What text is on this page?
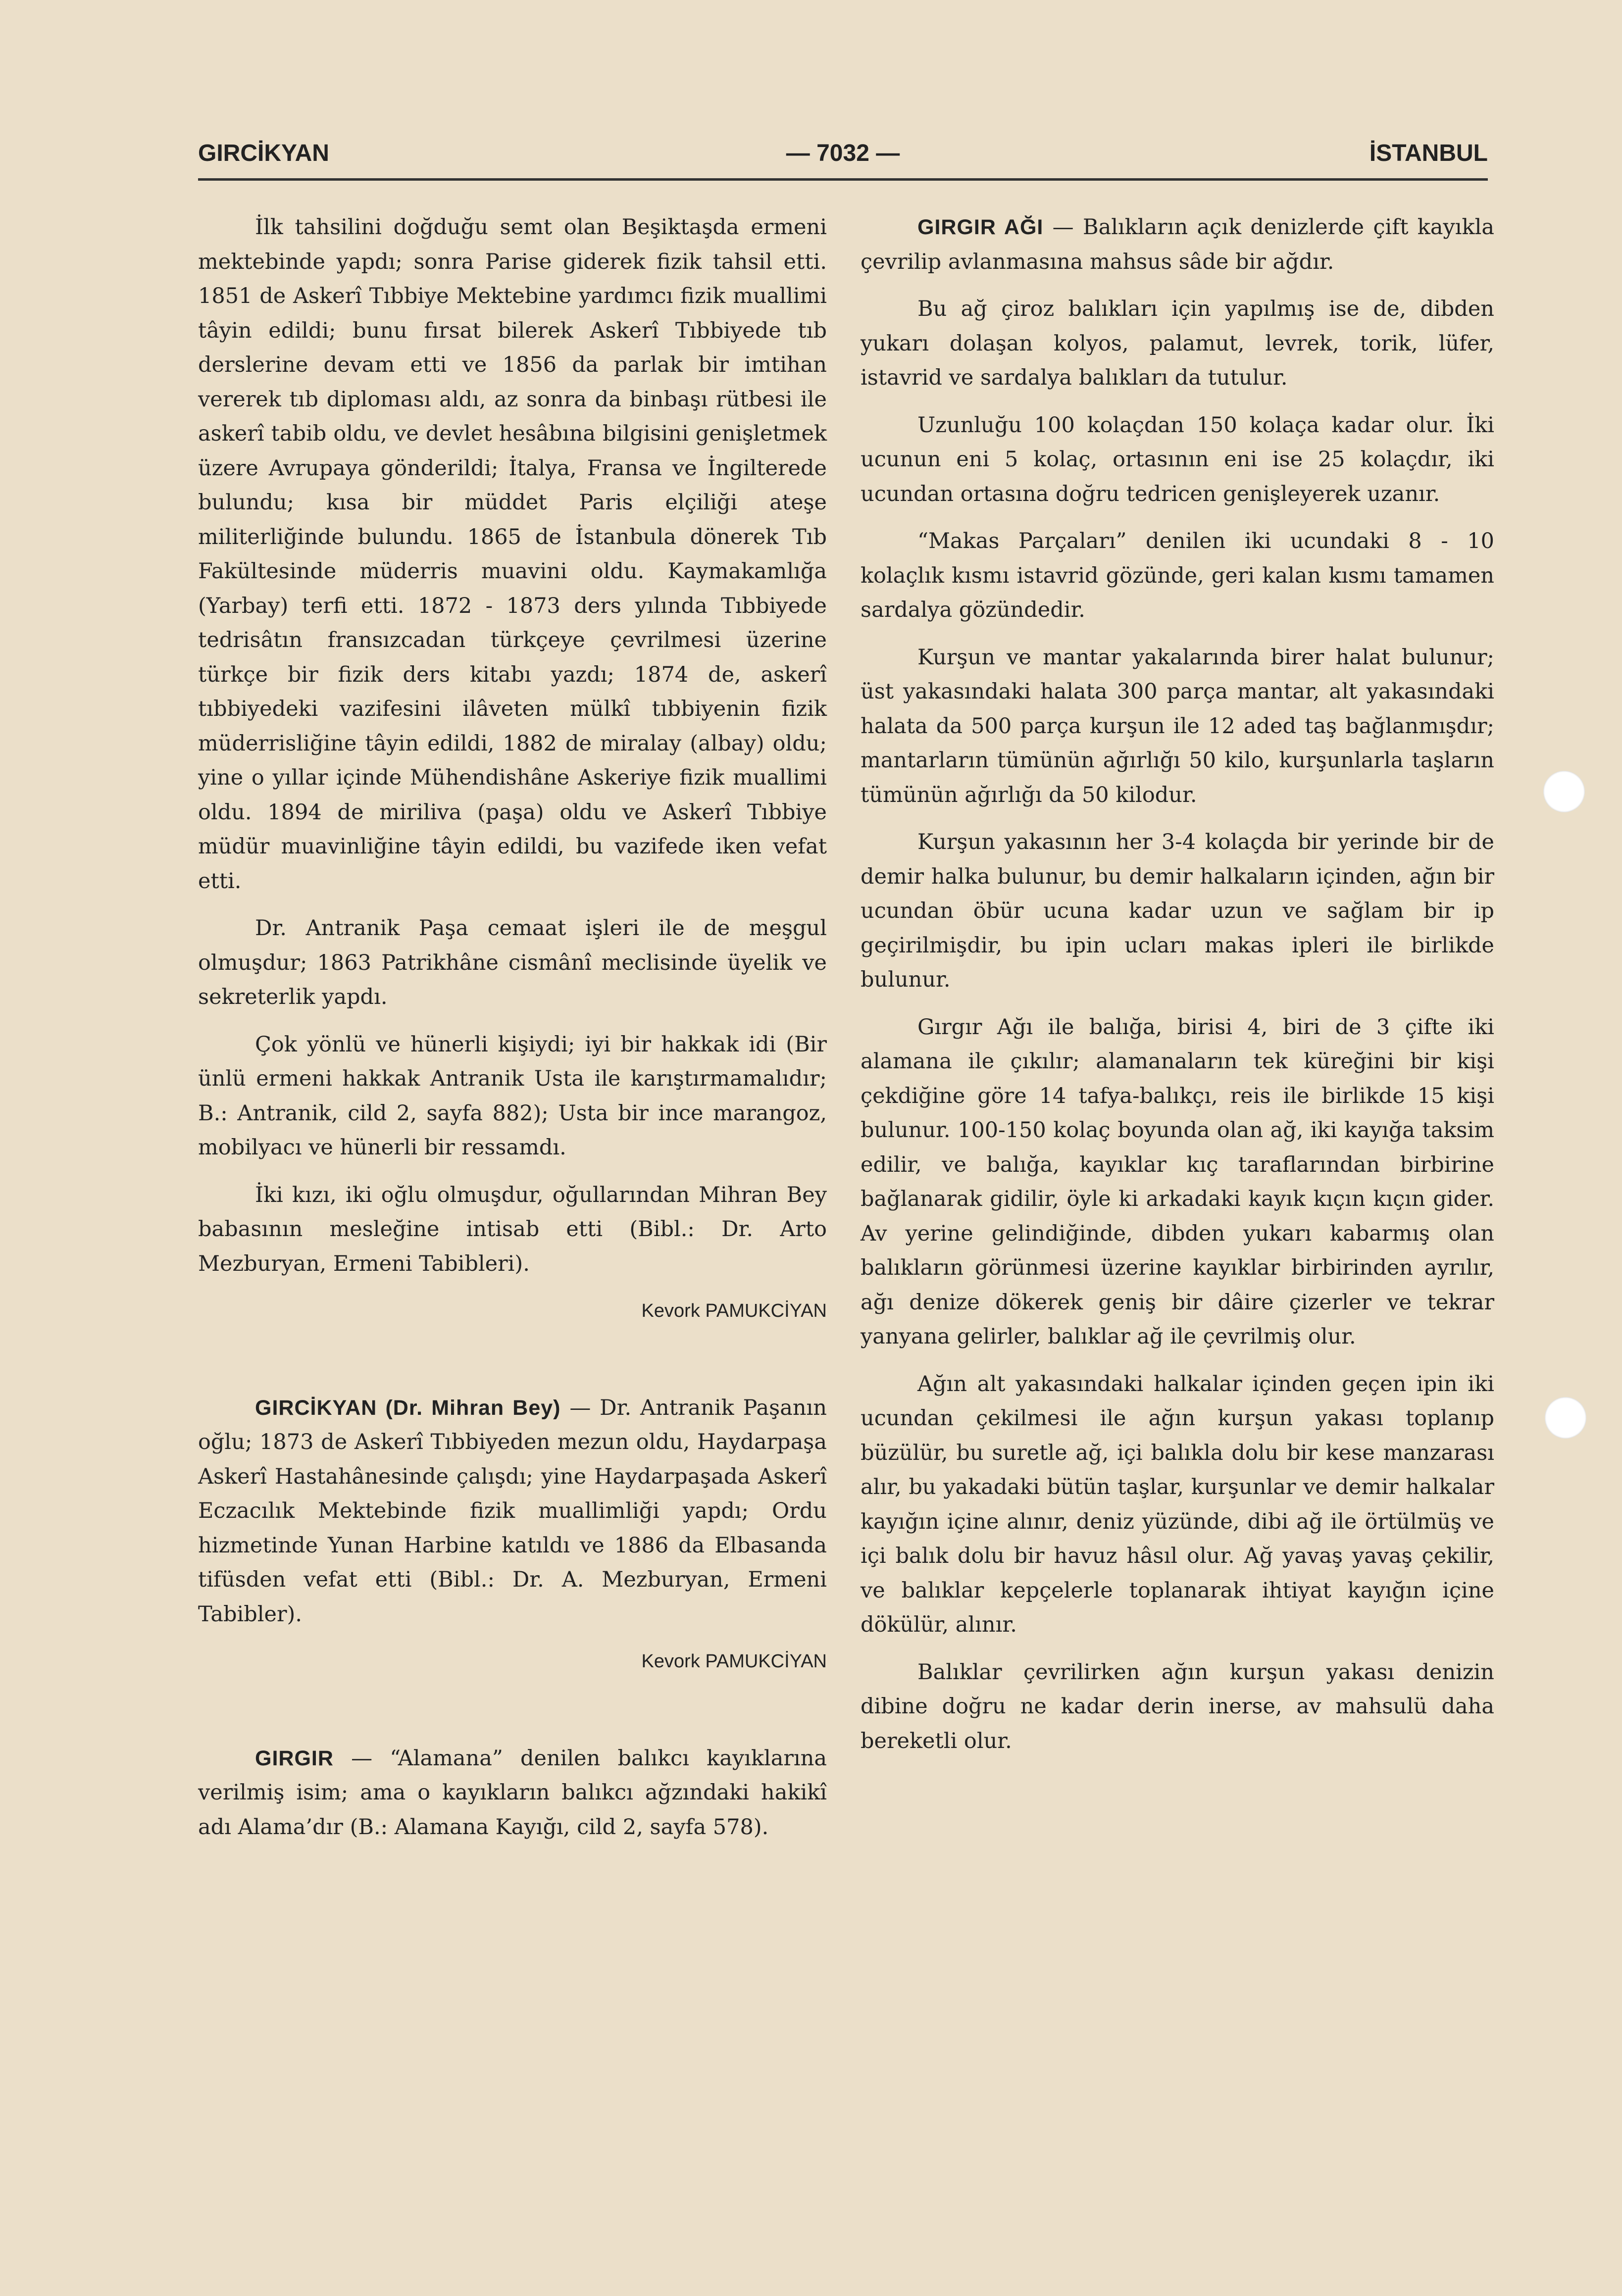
GIRCİKYAN	— 7032 —	İSTANBUL

İlk tahsilini doğduğu semt olan Beşiktaşda ermeni mektebinde yapdı; sonra Parise giderek fizik tahsil etti. 1851 de Askerî Tıbbiye Mektebine yardımcı fizik muallimi tâyin edildi; bunu fırsat bilerek Askerî Tıbbiyede tıb derslerine devam etti ve 1856 da parlak bir imtihan vererek tıb diploması aldı, az sonra da binbaşı rütbesi ile askerî tabib oldu, ve devlet hesâbına bilgisini genişletmek üzere Avrupaya gönderildi; İtalya, Fransa ve İngilterede bulundu; kısa bir müddet Paris elçiliği ateşe militerliğinde bulundu. 1865 de İstanbula dönerek Tıb Fakültesinde müderris muavini oldu. Kaymakamlığa (Yarbay) terfi etti. 1872 - 1873 ders yılında Tıbbiyede tedrisâtın fransızcadan türkçeye çevrilmesi üzerine türkçe bir fizik ders kitabı yazdı; 1874 de, askerî tıbbiyedeki vazifesini ilâveten mülkî tıbbiyenin fizik müderrisliğine tâyin edildi, 1882 de miralay (albay) oldu; yine o yıllar içinde Mühendishâne Askeriye fizik muallimi oldu. 1894 de miriliva (paşa) oldu ve Askerî Tıbbiye müdür muavinliğine tâyin edildi, bu vazifede iken vefat etti.

Dr. Antranik Paşa cemaat işleri ile de meşgul olmuşdur; 1863 Patrikhâne cismânî meclisinde üyelik ve sekreterlik yapdı.

Çok yönlü ve hünerli kişiydi; iyi bir hakkak idi (Bir ünlü ermeni hakkak Antranik Usta ile karıştırmamalıdır; B.: Antranik, cild 2, sayfa 882); Usta bir ince marangoz, mobilyacı ve hünerli bir ressamdı.

İki kızı, iki oğlu olmuşdur, oğullarından Mihran Bey babasının mesleğine intisab etti (Bibl.: Dr. Arto Mezburyan, Ermeni Tabibleri).

Kevork PAMUKCİYAN

GIRCİKYAN (Dr. Mihran Bey) — Dr. Antranik Paşanın oğlu; 1873 de Askerî Tıbbiyeden mezun oldu, Haydarpaşa Askerî Hastahânesinde çalışdı; yine Haydarpaşada Askerî Eczacılık Mektebinde fizik muallimliği yapdı; Ordu hizmetinde Yunan Harbine katıldı ve 1886 da Elbasanda tifüsden vefat etti (Bibl.: Dr. A. Mezburyan, Ermeni Tabibler).

Kevork PAMUKCİYAN

GIRGIR — “Alamana” denilen balıkcı kayıklarına verilmiş isim; ama o kayıkların balıkcı ağzındaki hakikî adı Alama’dır (B.: Alamana Kayığı, cild 2, sayfa 578).

GIRGIR AĞI — Balıkların açık denizlerde çift kayıkla çevrilip avlanmasına mahsus sâde bir ağdır.

Bu ağ çiroz balıkları için yapılmış ise de, dibden yukarı dolaşan kolyos, palamut, levrek, torik, lüfer, istavrid ve sardalya balıkları da tutulur.

Uzunluğu 100 kolaçdan 150 kolaça kadar olur. İki ucunun eni 5 kolaç, ortasının eni ise 25 kolaçdır, iki ucundan ortasına doğru tedricen genişleyerek uzanır.

“Makas Parçaları” denilen iki ucundaki 8 - 10 kolaçlık kısmı istavrid gözünde, geri kalan kısmı tamamen sardalya gözündedir.

Kurşun ve mantar yakalarında birer halat bulunur; üst yakasındaki halata 300 parça mantar, alt yakasındaki halata da 500 parça kurşun ile 12 aded taş bağlanmışdır; mantarların tümünün ağırlığı 50 kilo, kurşunlarla taşların tümünün ağırlığı da 50 kilodur.

Kurşun yakasının her 3-4 kolaçda bir yerinde bir de demir halka bulunur, bu demir halkaların içinden, ağın bir ucundan öbür ucuna kadar uzun ve sağlam bir ip geçirilmişdir, bu ipin ucları makas ipleri ile birlikde bulunur.

Gırgır Ağı ile balığa, birisi 4, biri de 3 çifte iki alamana ile çıkılır; alamanaların tek küreğini bir kişi çekdiğine göre 14 tafya-balıkçı, reis ile birlikde 15 kişi bulunur. 100-150 kolaç boyunda olan ağ, iki kayığa taksim edilir, ve balığa, kayıklar kıç taraflarından birbirine bağlanarak gidilir, öyle ki arkadaki kayık kıçın kıçın gider. Av yerine gelindiğinde, dibden yukarı kabarmış olan balıkların görünmesi üzerine kayıklar birbirinden ayrılır, ağı denize dökerek geniş bir dâire çizerler ve tekrar yanyana gelirler, balıklar ağ ile çevrilmiş olur.

Ağın alt yakasındaki halkalar içinden geçen ipin iki ucundan çekilmesi ile ağın kurşun yakası toplanıp büzülür, bu suretle ağ, içi balıkla dolu bir kese manzarası alır, bu yakadaki bütün taşlar, kurşunlar ve demir halkalar kayığın içine alınır, deniz yüzünde, dibi ağ ile örtülmüş ve içi balık dolu bir havuz hâsıl olur. Ağ yavaş yavaş çekilir, ve balıklar kepçelerle toplanarak ihtiyat kayığın içine dökülür, alınır.

Balıklar çevrilirken ağın kurşun yakası denizin dibine doğru ne kadar derin inerse, av mahsulü daha bereketli olur.
